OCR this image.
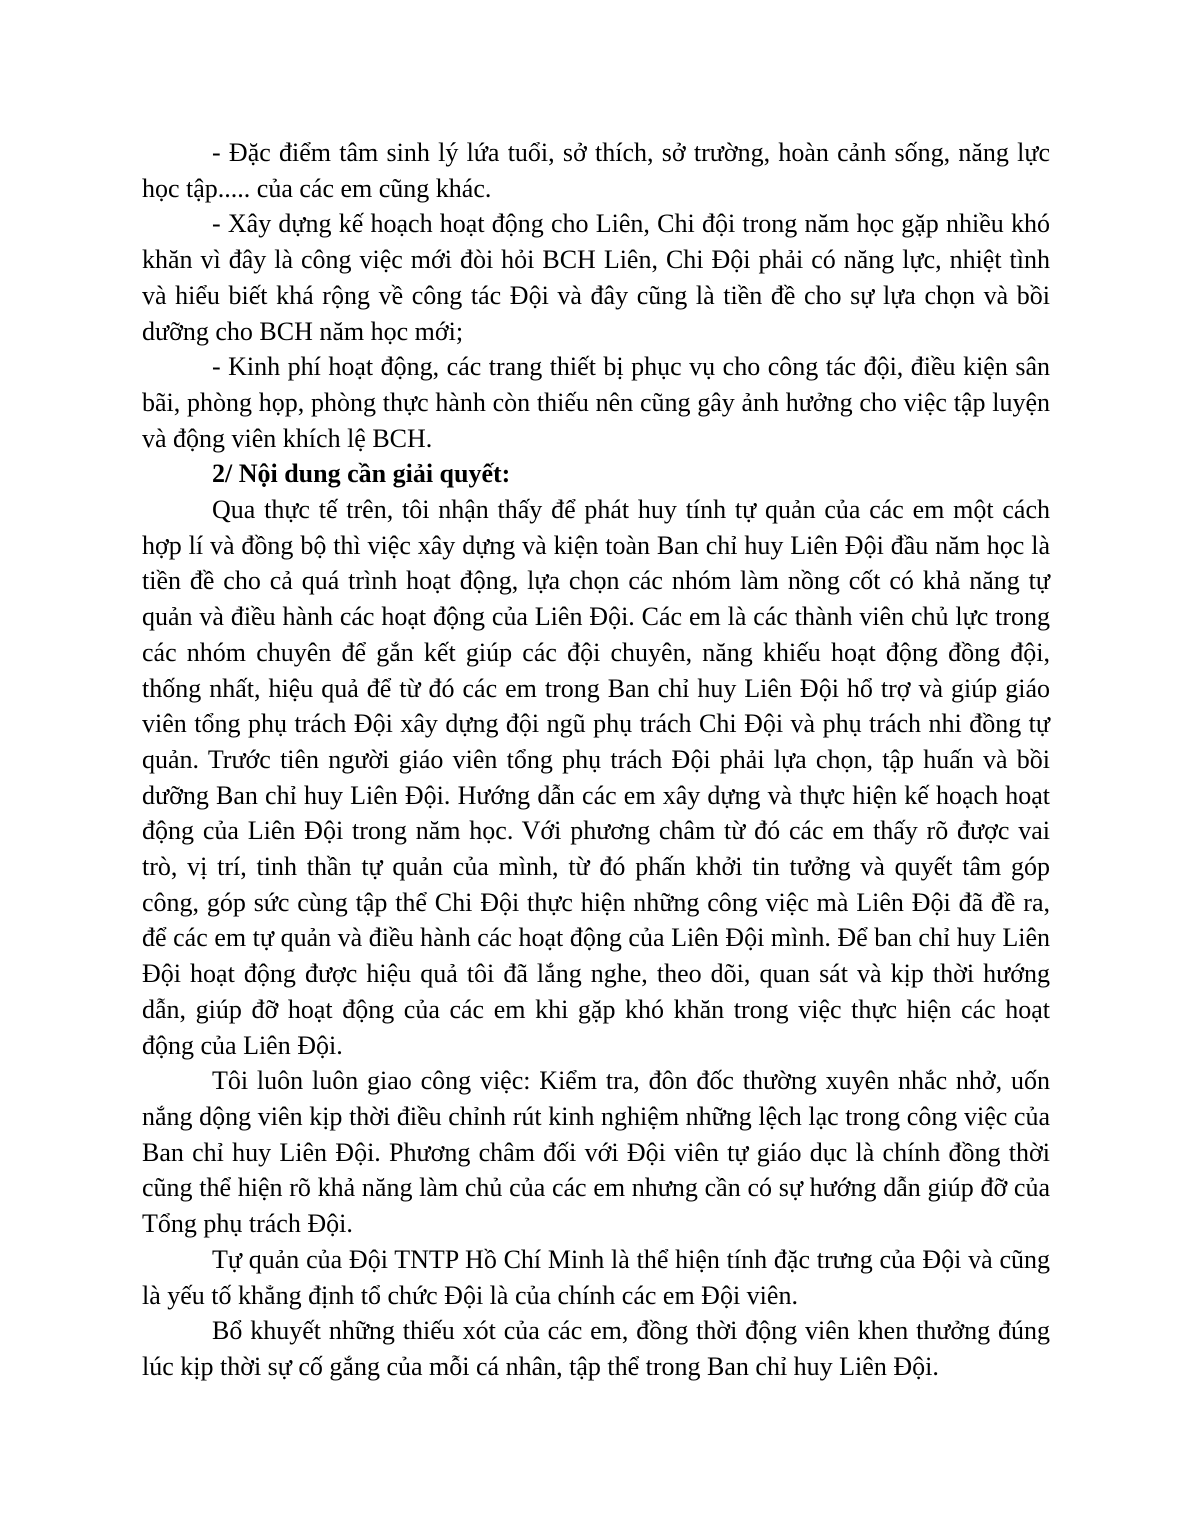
- Đặc điểm tâm sinh lý lứa tuổi, sở thích, sở trường, hoàn cảnh sống, năng lực học tập..... của các em cũng khác.

- Xây dựng kế hoạch hoạt động cho Liên, Chi đội trong năm học gặp nhiều khó khăn vì đây là công việc mới đòi hỏi BCH Liên, Chi Đội phải có năng lực, nhiệt tình và hiểu biết khá rộng về công tác Đội và đây cũng là tiền đề cho sự lựa chọn và bồi dưỡng cho BCH năm học mới;

- Kinh phí hoạt động, các trang thiết bị phục vụ cho công tác đội, điều kiện sân bãi, phòng họp, phòng thực hành còn thiếu nên cũng gây ảnh hưởng cho việc tập luyện và động viên khích lệ BCH.

2/ Nội dung cần giải quyết:

Qua thực tế trên, tôi nhận thấy để phát huy tính tự quản của các em một cách hợp lí và đồng bộ thì việc xây dựng và kiện toàn Ban chỉ huy Liên Đội đầu năm học là tiền đề cho cả quá trình hoạt động, lựa chọn các nhóm làm nồng cốt có khả năng tự quản và điều hành các hoạt động của Liên Đội. Các em là các thành viên chủ lực trong các nhóm chuyên để gắn kết giúp các đội chuyên, năng khiếu hoạt động đồng đội, thống nhất, hiệu quả để từ đó các em trong Ban chỉ huy Liên Đội hổ trợ và giúp giáo viên tổng phụ trách Đội xây dựng đội ngũ phụ trách Chi Đội và phụ trách nhi đồng tự quản. Trước tiên người giáo viên tổng phụ trách Đội phải lựa chọn, tập huấn và bồi dưỡng Ban chỉ huy Liên Đội. Hướng dẫn các em xây dựng và thực hiện kế hoạch hoạt động của Liên Đội trong năm học. Với phương châm từ đó các em thấy rõ được vai trò, vị trí, tinh thần tự quản của mình, từ đó phấn khởi tin tưởng và quyết tâm góp công, góp sức cùng tập thể Chi Đội thực hiện những công việc mà Liên Đội đã đề ra, để các em tự quản và điều hành các hoạt động của Liên Đội mình. Để ban chỉ huy Liên Đội hoạt động được hiệu quả tôi đã lắng nghe, theo dõi, quan sát và kịp thời hướng dẫn, giúp đỡ hoạt động của các em khi gặp khó khăn trong việc thực hiện các hoạt động của Liên Đội.

Tôi luôn luôn giao công việc: Kiểm tra, đôn đốc thường xuyên nhắc nhở, uốn nắng dộng viên kịp thời điều chỉnh rút kinh nghiệm những lệch lạc trong công việc của Ban chỉ huy Liên Đội. Phương châm đối với Đội viên tự giáo dục là chính đồng thời cũng thể hiện rõ khả năng làm chủ của các em nhưng cần có sự hướng dẫn giúp đỡ của Tổng phụ trách Đội.

Tự quản của Đội TNTP Hồ Chí Minh là thể hiện tính đặc trưng của Đội và cũng là yếu tố khẳng định tổ chức Đội là của chính các em Đội viên.

Bổ khuyết những thiếu xót của các em, đồng thời động viên khen thưởng đúng lúc kịp thời sự cố gắng của mỗi cá nhân, tập thể trong Ban chỉ huy Liên Đội.
